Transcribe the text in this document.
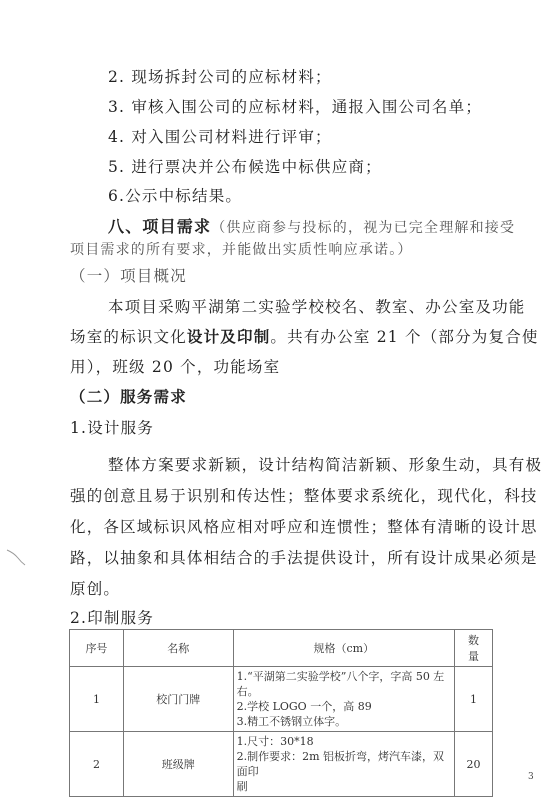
2. 现场拆封公司的应标材料；
3. 审核入围公司的应标材料，通报入围公司名单；
4. 对入围公司材料进行评审；
5. 进行票决并公布候选中标供应商；
6.公示中标结果。
八、项目需求（供应商参与投标的，视为已完全理解和接受
项目需求的所有要求，并能做出实质性响应承诺。）
（一）项目概况
本项目采购平湖第二实验学校校名、教室、办公室及功能
场室的标识文化设计及印制。共有办公室 21 个（部分为复合使
用），班级 20 个，功能场室
（二）服务需求
1.设计服务
整体方案要求新颖，设计结构简洁新颖、形象生动，具有极
强的创意且易于识别和传达性；整体要求系统化，现代化，科技
化，各区域标识风格应相对呼应和连惯性；整体有清晰的设计思
路，以抽象和具体相结合的手法提供设计，所有设计成果必须是
原创。
2.印制服务
序号	名称	规格（cm）	数
量
1	校门门牌	1.“平湖第二实验学校”八个字，字高 50 左右。
2.学校 LOGO 一个，高 89
3.精工不锈钢立体字。	1
2	班级牌	1.尺寸：30*18
2.制作要求：2m 铝板折弯，烤汽车漆，双面印
刷	20
3
